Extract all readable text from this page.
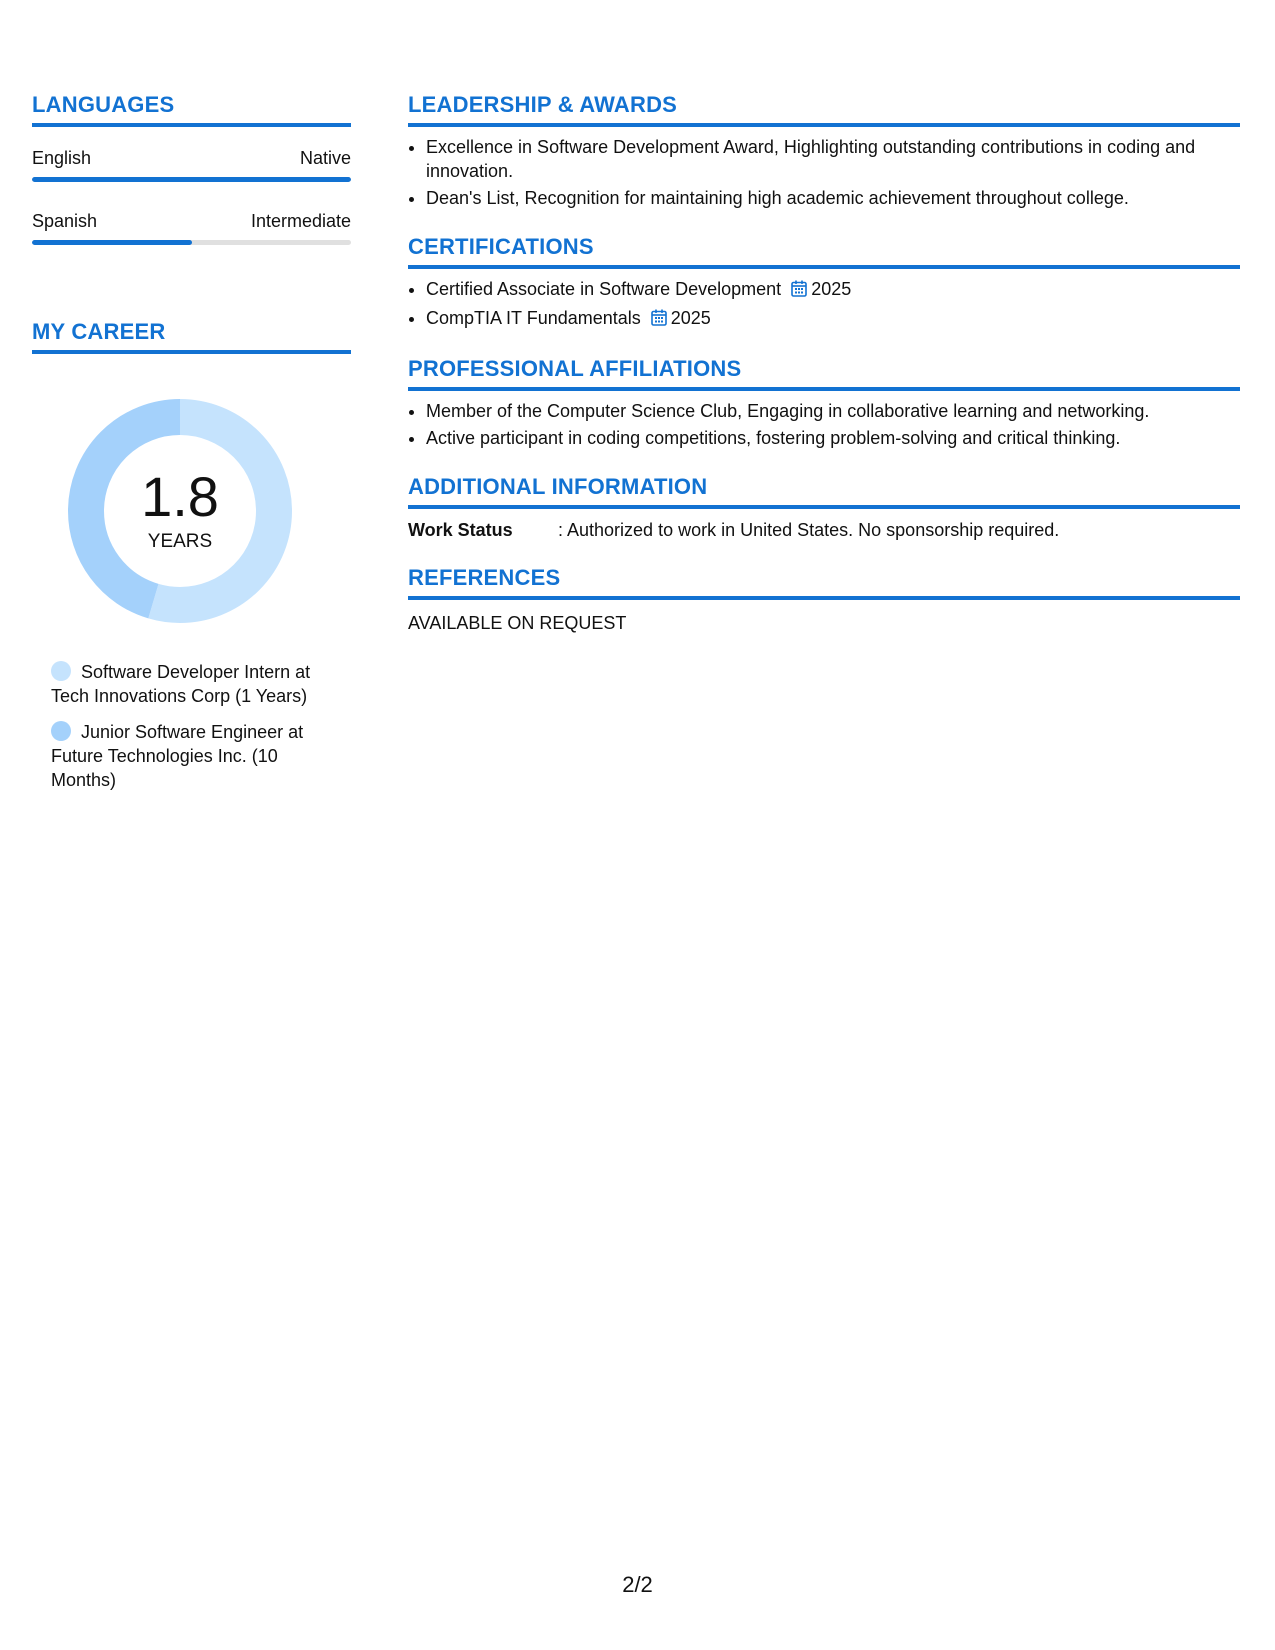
LANGUAGES
English	Native
Spanish	Intermediate
MY CAREER
1.8
YEARS
Software Developer Intern at Tech Innovations Corp (1 Years)
Junior Software Engineer at Future Technologies Inc. (10 Months)
LEADERSHIP & AWARDS
• Excellence in Software Development Award, Highlighting outstanding contributions in coding and innovation.
• Dean's List, Recognition for maintaining high academic achievement throughout college.
CERTIFICATIONS
• Certified Associate in Software Development 2025
• CompTIA IT Fundamentals 2025
PROFESSIONAL AFFILIATIONS
• Member of the Computer Science Club, Engaging in collaborative learning and networking.
• Active participant in coding competitions, fostering problem-solving and critical thinking.
ADDITIONAL INFORMATION
Work Status	: Authorized to work in United States. No sponsorship required.
REFERENCES
AVAILABLE ON REQUEST
2/2
